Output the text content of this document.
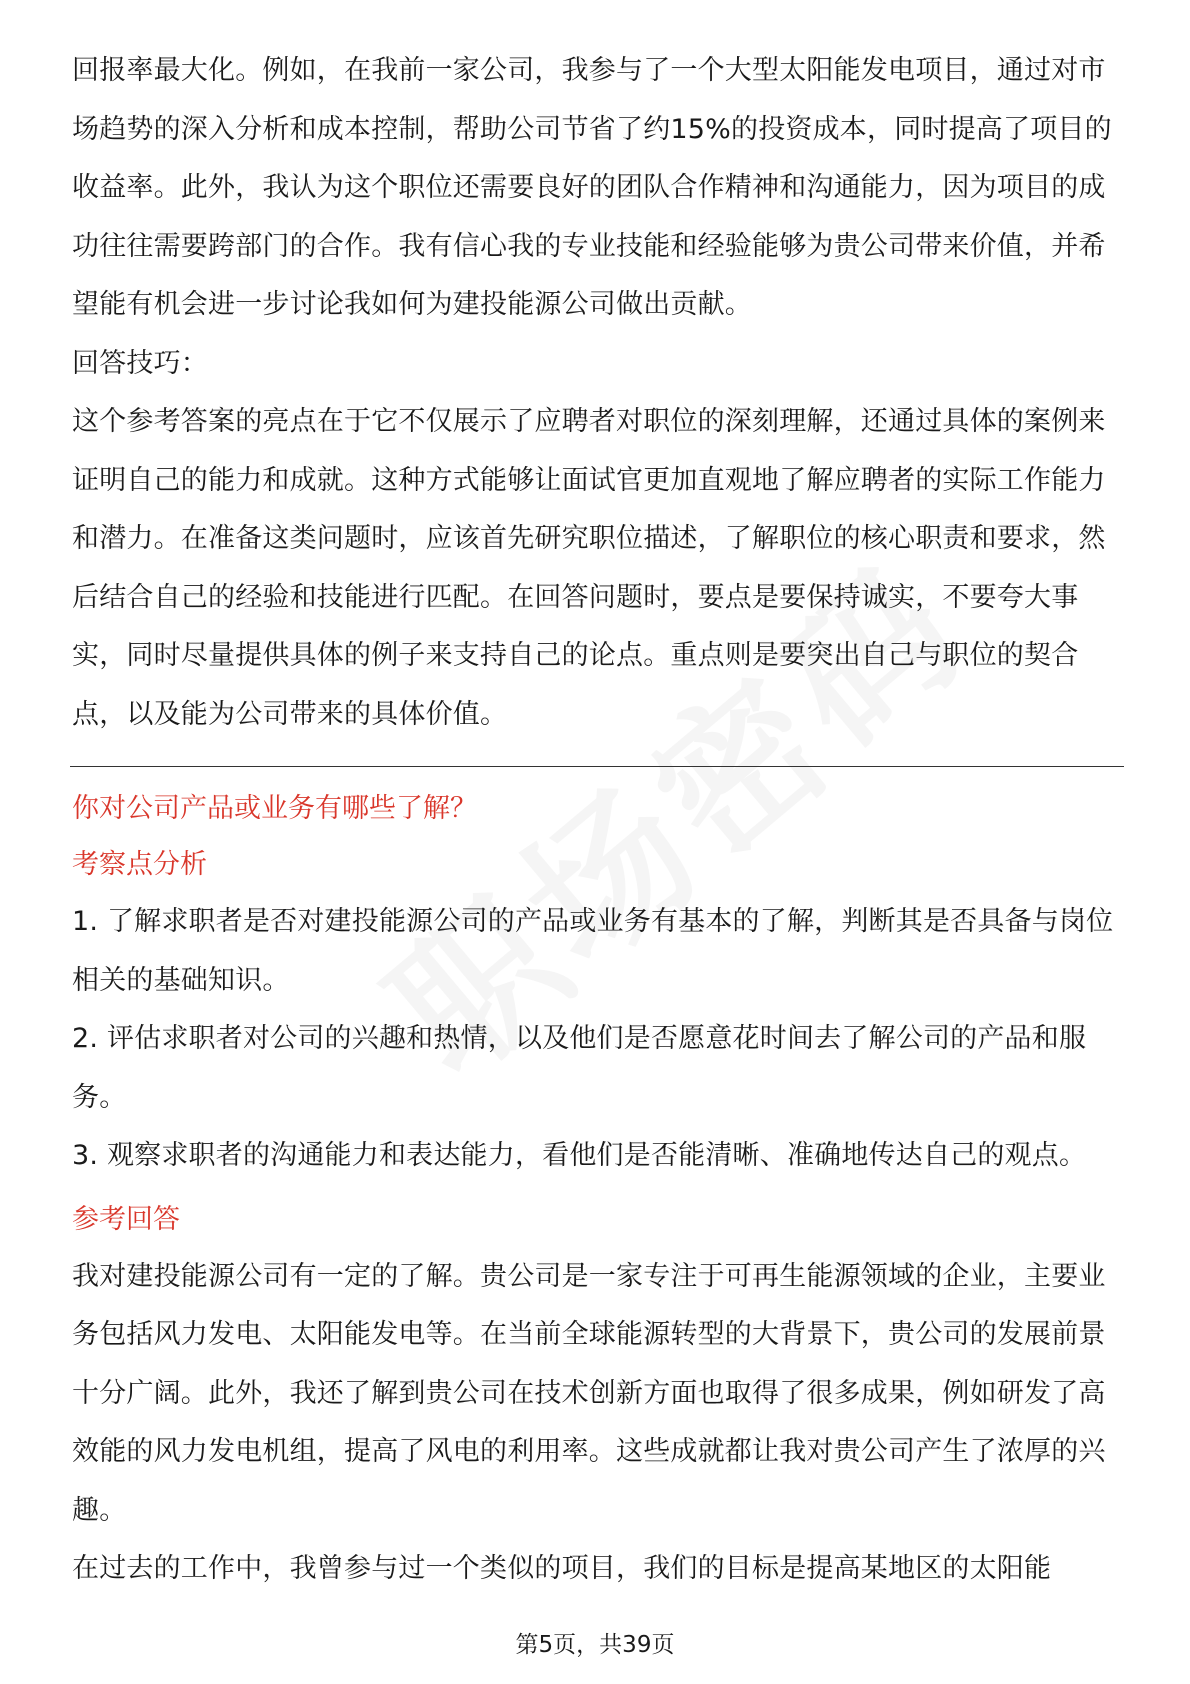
回报率最大化。例如，在我前一家公司，我参与了一个大型太阳能发电项目，通过对市场趋势的深入分析和成本控制，帮助公司节省了约15%的投资成本，同时提高了项目的收益率。此外，我认为这个职位还需要良好的团队合作精神和沟通能力，因为项目的成功往往需要跨部门的合作。我有信心我的专业技能和经验能够为贵公司带来价值，并希望能有机会进一步讨论我如何为建投能源公司做出贡献。

回答技巧：

这个参考答案的亮点在于它不仅展示了应聘者对职位的深刻理解，还通过具体的案例来证明自己的能力和成就。这种方式能够让面试官更加直观地了解应聘者的实际工作能力和潜力。在准备这类问题时，应该首先研究职位描述，了解职位的核心职责和要求，然后结合自己的经验和技能进行匹配。在回答问题时，要点是要保持诚实，不要夸大事实，同时尽量提供具体的例子来支持自己的论点。重点则是要突出自己与职位的契合点，以及能为公司带来的具体价值。

你对公司产品或业务有哪些了解？
考察点分析

1. 了解求职者是否对建投能源公司的产品或业务有基本的了解，判断其是否具备与岗位相关的基础知识。

2. 评估求职者对公司的兴趣和热情，以及他们是否愿意花时间去了解公司的产品和服务。

3. 观察求职者的沟通能力和表达能力，看他们是否能清晰、准确地传达自己的观点。

参考回答

我对建投能源公司有一定的了解。贵公司是一家专注于可再生能源领域的企业，主要业务包括风力发电、太阳能发电等。在当前全球能源转型的大背景下，贵公司的发展前景十分广阔。此外，我还了解到贵公司在技术创新方面也取得了很多成果，例如研发了高效能的风力发电机组，提高了风电的利用率。这些成就都让我对贵公司产生了浓厚的兴趣。

在过去的工作中，我曾参与过一个类似的项目，我们的目标是提高某地区的太阳能

第5页，共39页
